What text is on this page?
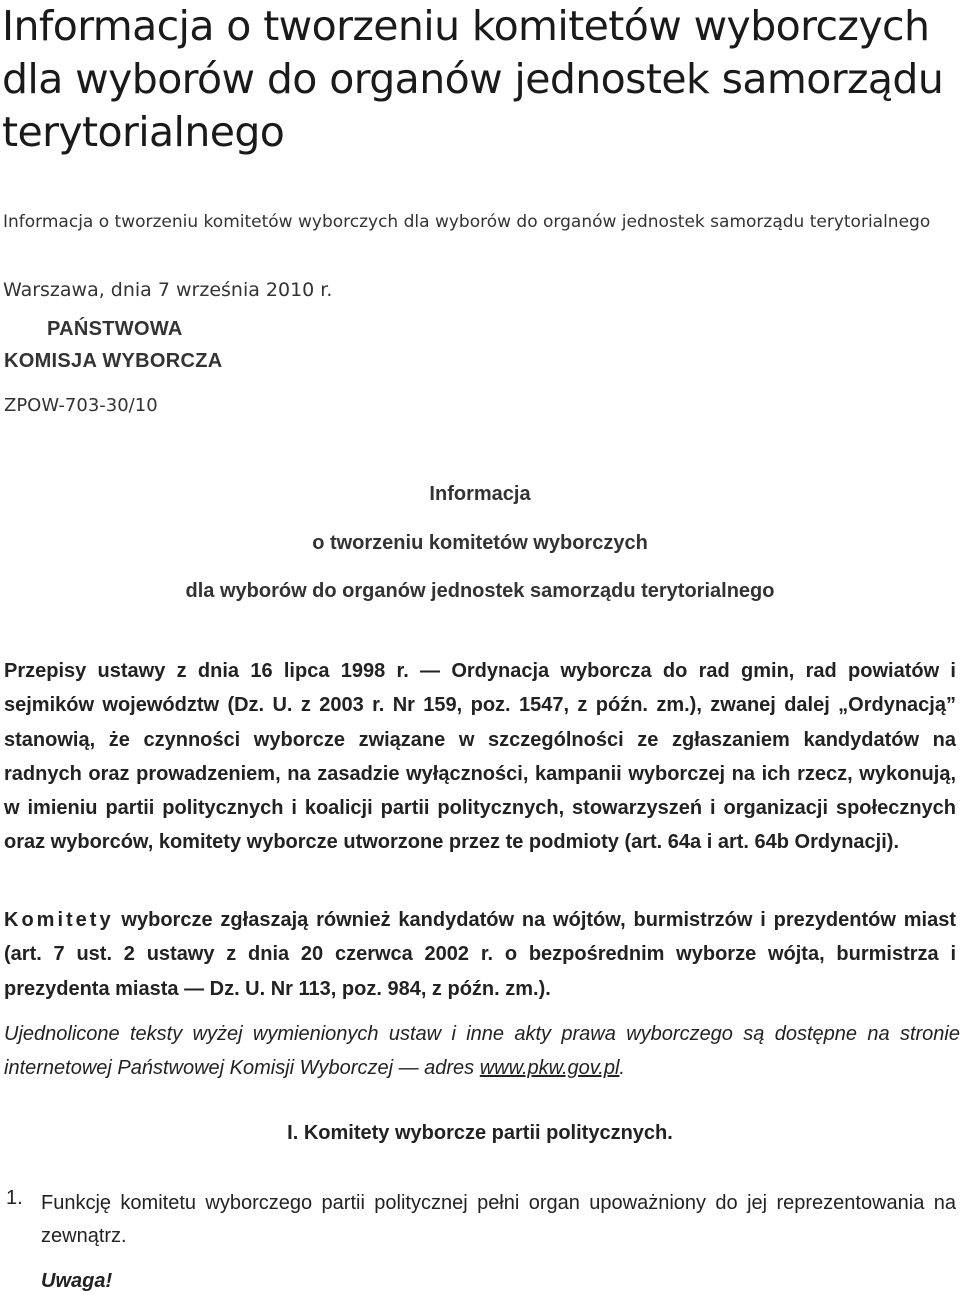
Informacja o tworzeniu komitetów wyborczych dla wyborów do organów jednostek samorządu terytorialnego
Informacja o tworzeniu komitetów wyborczych dla wyborów do organów jednostek samorządu terytorialnego
Warszawa, dnia 7 września 2010 r.
PAŃSTWOWA
KOMISJA WYBORCZA
ZPOW-703-30/10
Informacja
o tworzeniu komitetów wyborczych
dla wyborów do organów jednostek samorządu terytorialnego

Przepisy ustawy z dnia 16 lipca 1998 r. — Ordynacja wyborcza do rad gmin, rad powiatów i sejmików województw (Dz. U. z 2003 r. Nr 159, poz. 1547, z późn. zm.), zwanej dalej „Ordynacją” stanowią, że czynności wyborcze związane w szczególności ze zgłaszaniem kandydatów na radnych oraz prowadzeniem, na zasadzie wyłączności, kampanii wyborczej na ich rzecz, wykonują, w imieniu partii politycznych i koalicji partii politycznych, stowarzyszeń i organizacji społecznych oraz wyborców, komitety wyborcze utworzone przez te podmioty (art. 64a i art. 64b Ordynacji).

Komitety wyborcze zgłaszają również kandydatów na wójtów, burmistrzów i prezydentów miast (art. 7 ust. 2 ustawy z dnia 20 czerwca 2002 r. o bezpośrednim wyborze wójta, burmistrza i prezydenta miasta — Dz. U. Nr 113, poz. 984, z późn. zm.).

Ujednolicone teksty wyżej wymienionych ustaw i inne akty prawa wyborczego są dostępne na stronie internetowej Państwowej Komisji Wyborczej — adres www.pkw.gov.pl.

I. Komitety wyborcze partii politycznych.
1. Funkcję komitetu wyborczego partii politycznej pełni organ upoważniony do jej reprezentowania na zewnątrz.
Uwaga!
